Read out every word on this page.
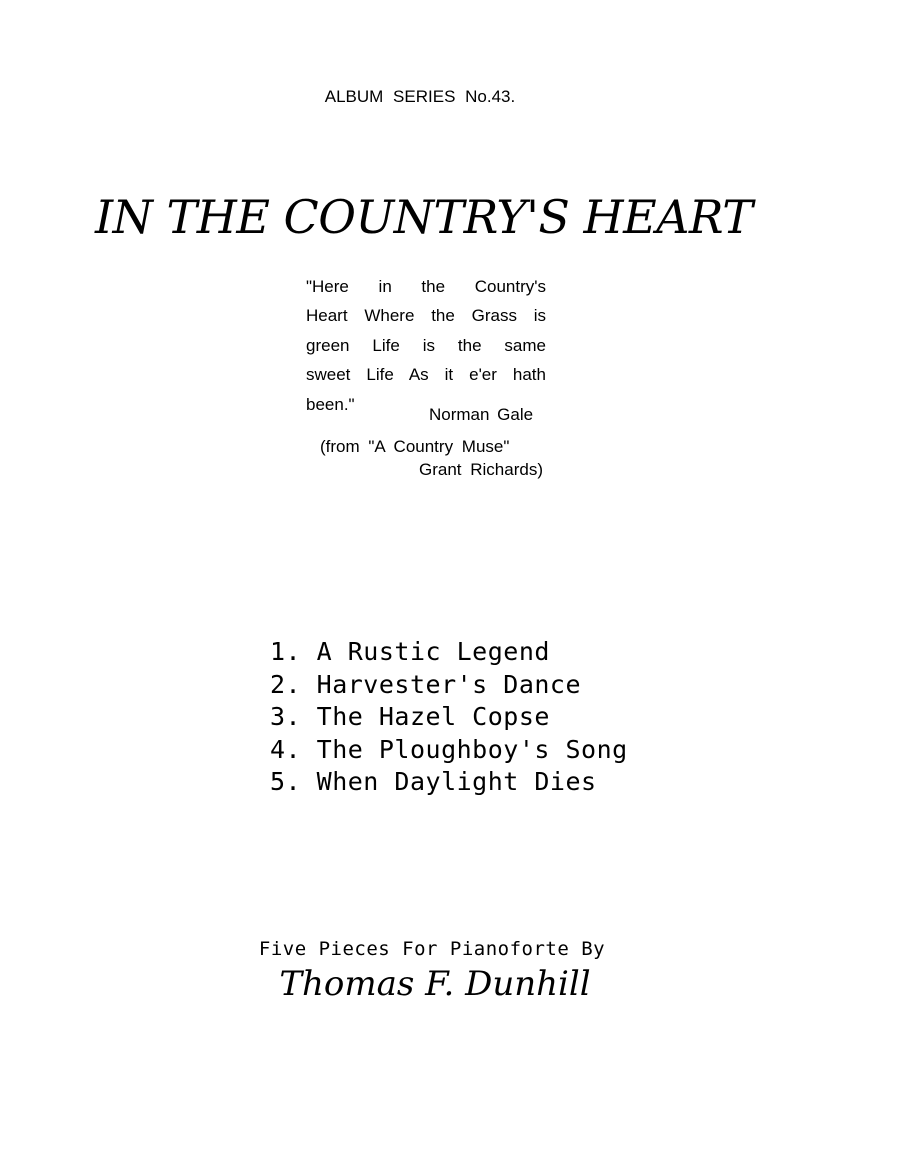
ALBUM SERIES No.43.
IN THE COUNTRY'S HEART
"Here in the Country's
Heart Where the Grass is
green Life is the same
sweet Life As it e'er hath
been."
Norman Gale
(from "A Country Muse"
Grant Richards)
1. A Rustic Legend
2. Harvester's Dance
3. The Hazel Copse
4. The Ploughboy's Song
5. When Daylight Dies
Five Pieces For Pianoforte By
Thomas F. Dunhill
